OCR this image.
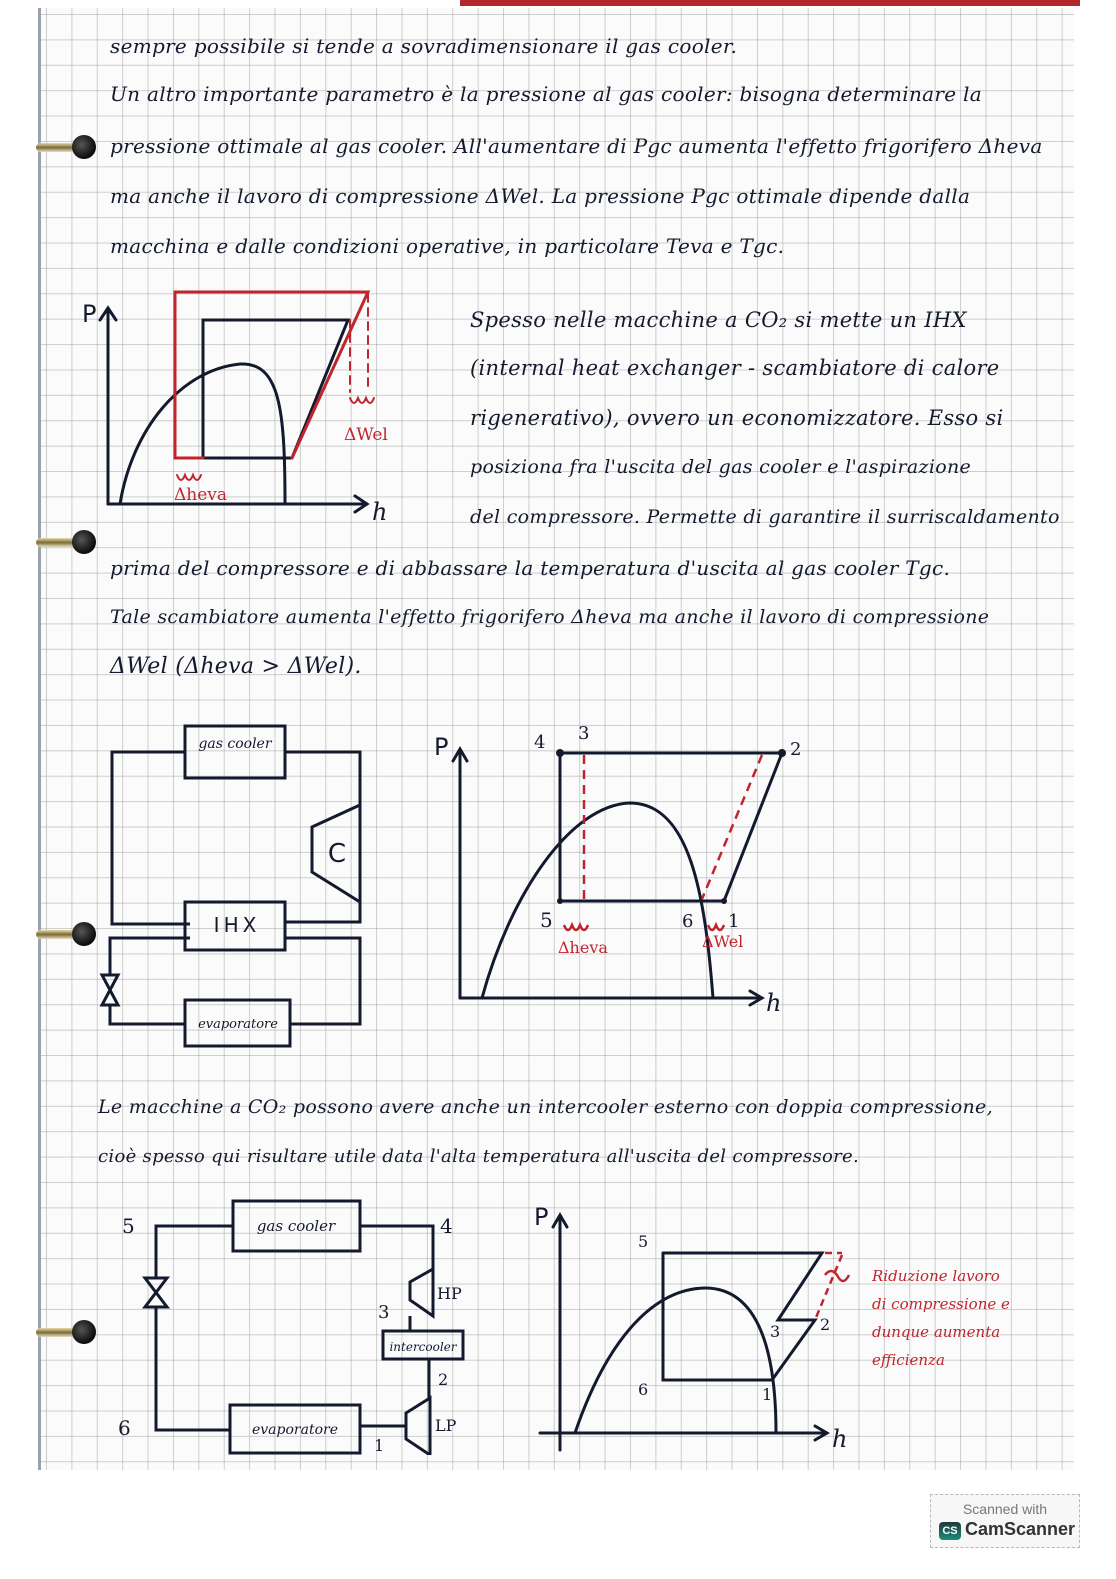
sempre possibile si tende a sovradimensionare il gas cooler.
Un altro importante parametro è la pressione al gas cooler: bisogna determinare la
pressione ottimale al gas cooler. All'aumentare di Pgc aumenta l'effetto frigorifero Δheva
ma anche il lavoro di compressione ΔWel. La pressione Pgc ottimale dipende dalla
macchina e dalle condizioni operative, in particolare Teva e Tgc.
P
h
ΔWel
Δheva
Spesso nelle macchine a CO₂ si mette un IHX
(internal heat exchanger - scambiatore di calore
rigenerativo), ovvero un economizzatore. Esso si
posiziona fra l'uscita del gas cooler e l'aspirazione
del compressore. Permette di garantire il surriscaldamento
prima del compressore e di abbassare la temperatura d'uscita al gas cooler Tgc.
Tale scambiatore aumenta l'effetto frigorifero Δheva ma anche il lavoro di compressione
ΔWel (Δheva > ΔWel).
gas cooler
C
IHX
evaporatore
P
h
4 3
2
5	6 1
Δheva	ΔWel
Le macchine a CO₂ possono avere anche un intercooler esterno con doppia compressione,
cioè spesso qui risultare utile data l'alta temperatura all'uscita del compressore.
gas cooler
intercooler
evaporatore
HP
LP
5	4
3
2
1
6
P
h
5
6	1
2
3
Riduzione lavoro
di compressione e
dunque aumenta
efficienza
Scanned with
CS CamScanner
